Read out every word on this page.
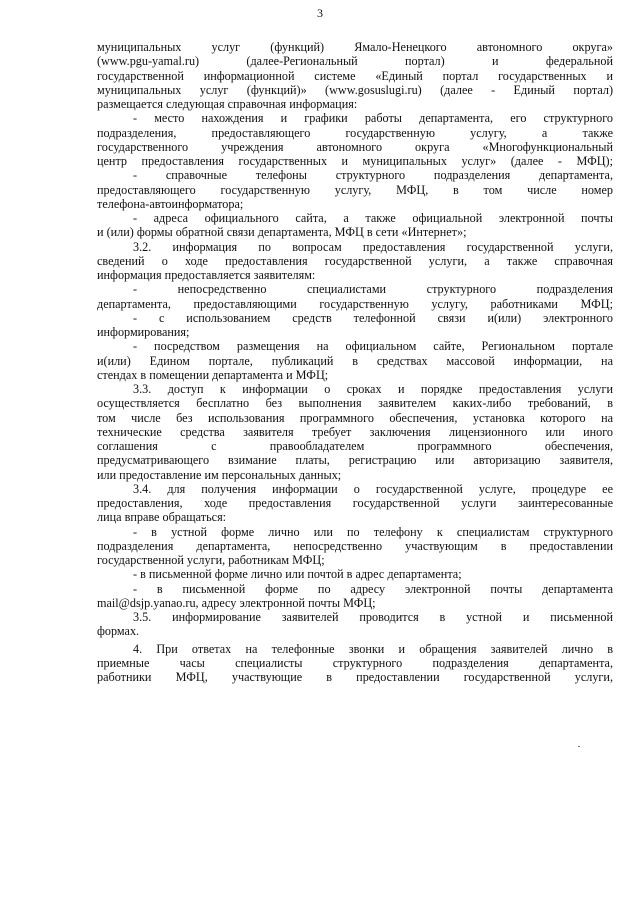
3
муниципальных услуг (функций) Ямало-Ненецкого автономного округа»
(www.pgu-yamal.ru) (далее-Региональный портал) и федеральной
государственной информационной системе «Единый портал государственных и
муниципальных услуг (функций)» (www.gosuslugi.ru) (далее - Единый портал)
размещается следующая справочная информация:
- место нахождения и графики работы департамента, его структурного
подразделения, предоставляющего государственную услугу, а также
государственного учреждения автономного округа «Многофункциональный
центр предоставления государственных и муниципальных услуг» (далее - МФЦ);
- справочные телефоны структурного подразделения департамента,
предоставляющего государственную услугу, МФЦ, в том числе номер
телефона-автоинформатора;
- адреса официального сайта, а также официальной электронной почты
и (или) формы обратной связи департамента, МФЦ в сети «Интернет»;
3.2. информация по вопросам предоставления государственной услуги,
сведений о ходе предоставления государственной услуги, а также справочная
информация предоставляется заявителям:
- непосредственно специалистами структурного подразделения
департамента, предоставляющими государственную услугу, работниками МФЦ;
- с использованием средств телефонной связи и(или) электронного
информирования;
- посредством размещения на официальном сайте, Региональном портале
и(или) Едином портале, публикаций в средствах массовой информации, на
стендах в помещении департамента и МФЦ;
3.3. доступ к информации о сроках и порядке предоставления услуги
осуществляется бесплатно без выполнения заявителем каких-либо требований, в
том числе без использования программного обеспечения, установка которого на
технические средства заявителя требует заключения лицензионного или иного
соглашения с правообладателем программного обеспечения,
предусматривающего взимание платы, регистрацию или авторизацию заявителя,
или предоставление им персональных данных;
3.4. для получения информации о государственной услуге, процедуре ее
предоставления, ходе предоставления государственной услуги заинтересованные
лица вправе обращаться:
- в устной форме лично или по телефону к специалистам структурного
подразделения департамента, непосредственно участвующим в предоставлении
государственной услуги, работникам МФЦ;
- в письменной форме лично или почтой в адрес департамента;
- в письменной форме по адресу электронной почты департамента
mail@dsjp.yanao.ru, адресу электронной почты МФЦ;
3.5. информирование заявителей проводится в устной и письменной
формах.
4. При ответах на телефонные звонки и обращения заявителей лично в
приемные часы специалисты структурного подразделения департамента,
работники МФЦ, участвующие в предоставлении государственной услуги,
